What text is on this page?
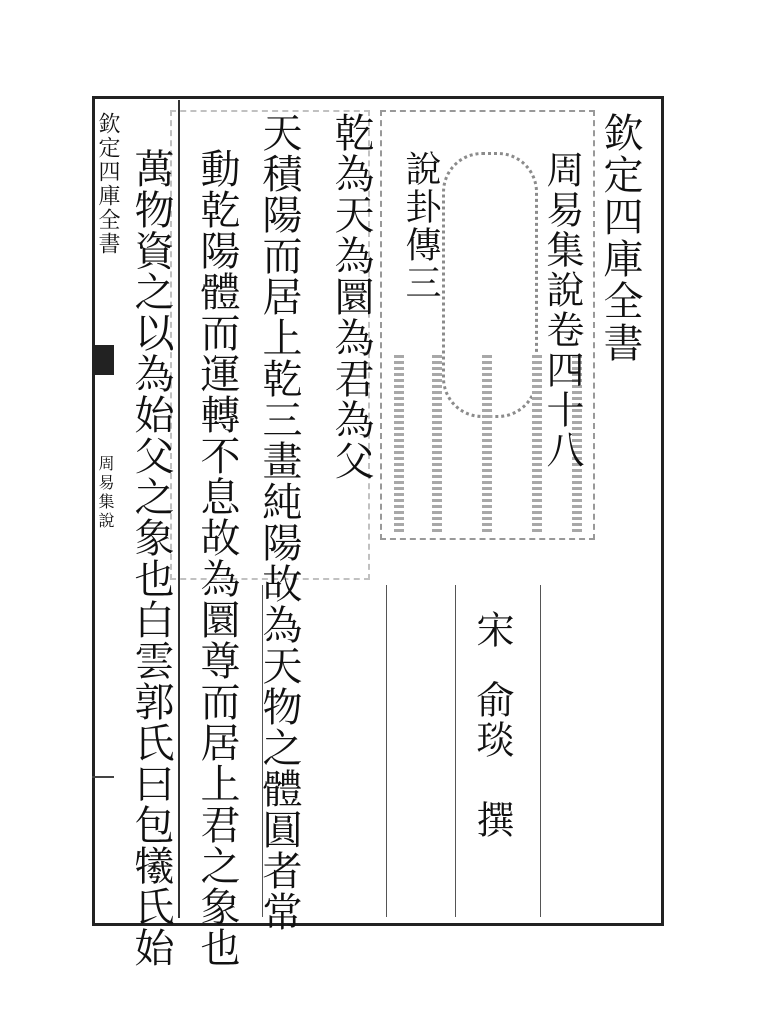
欽定四庫全書
周易集說
欽定四庫全書
周易集說卷四十八
說卦傳三
宋
俞琰
撰
乾為天為圜為君為父
天積陽而居上乾三畫純陽故為天物之體圓者常
動乾陽體而運轉不息故為圜尊而居上君之象也
萬物資之以為始父之象也白雲郭氏曰包犧氏始
